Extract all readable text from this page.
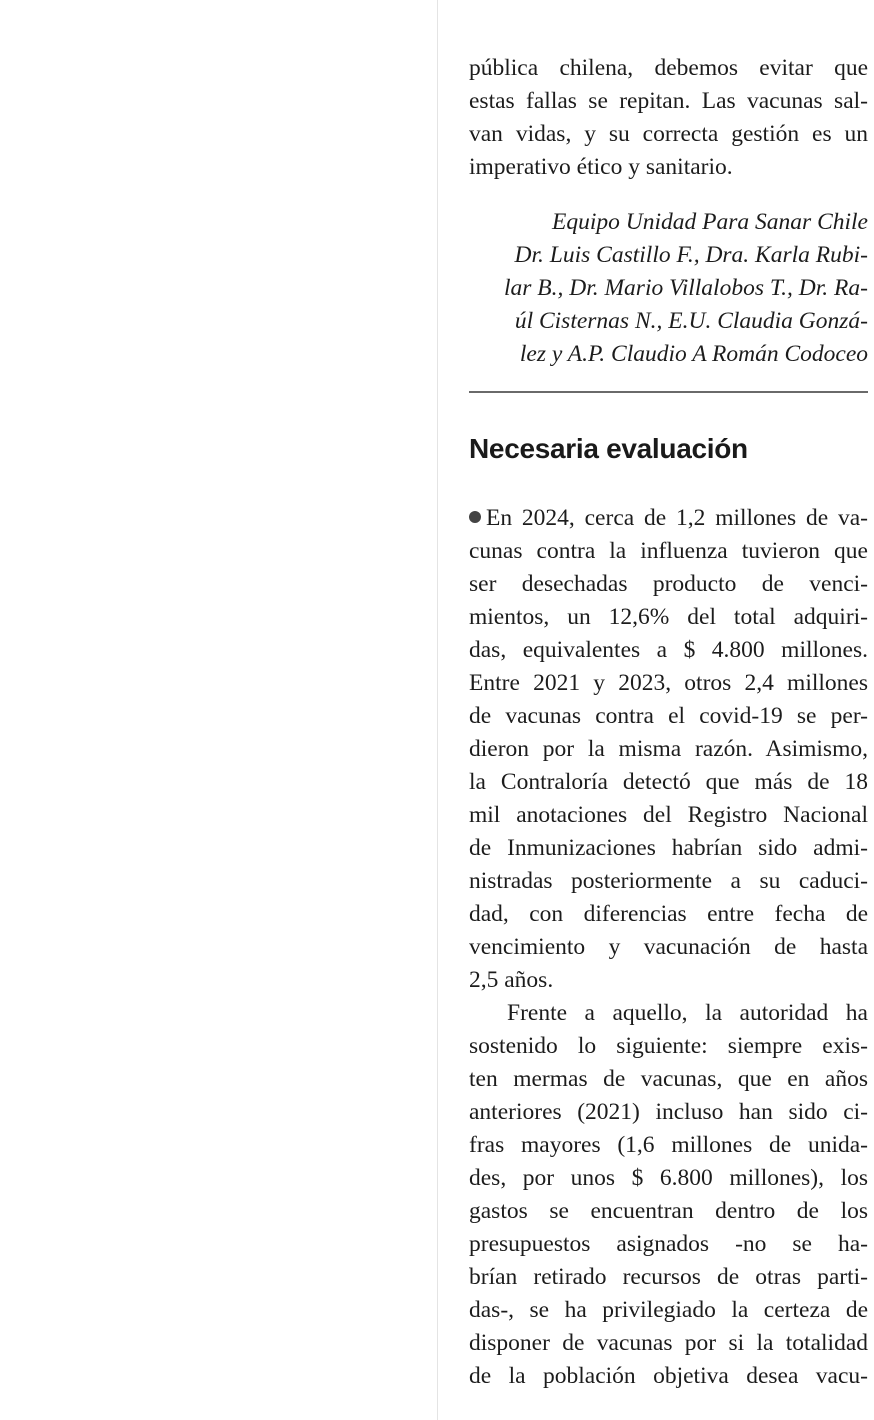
pública chilena, debemos evitar que
estas fallas se repitan. Las vacunas sal-
van vidas, y su correcta gestión es un
imperativo ético y sanitario.
Equipo Unidad Para Sanar Chile
Dr. Luis Castillo F., Dra. Karla Rubi-
lar B., Dr. Mario Villalobos T., Dr. Ra-
úl Cisternas N., E.U. Claudia Gonzá-
lez y A.P. Claudio A Román Codoceo
Necesaria evaluación
En 2024, cerca de 1,2 millones de va-
cunas contra la influenza tuvieron que
ser desechadas producto de venci-
mientos, un 12,6% del total adquiri-
das, equivalentes a $ 4.800 millones.
Entre 2021 y 2023, otros 2,4 millones
de vacunas contra el covid-19 se per-
dieron por la misma razón. Asimismo,
la Contraloría detectó que más de 18
mil anotaciones del Registro Nacional
de Inmunizaciones habrían sido admi-
nistradas posteriormente a su caduci-
dad, con diferencias entre fecha de
vencimiento y vacunación de hasta
2,5 años.
Frente a aquello, la autoridad ha
sostenido lo siguiente: siempre exis-
ten mermas de vacunas, que en años
anteriores (2021) incluso han sido ci-
fras mayores (1,6 millones de unida-
des, por unos $ 6.800 millones), los
gastos se encuentran dentro de los
presupuestos asignados -no se ha-
brían retirado recursos de otras parti-
das-, se ha privilegiado la certeza de
disponer de vacunas por si la totalidad
de la población objetiva desea vacu-
